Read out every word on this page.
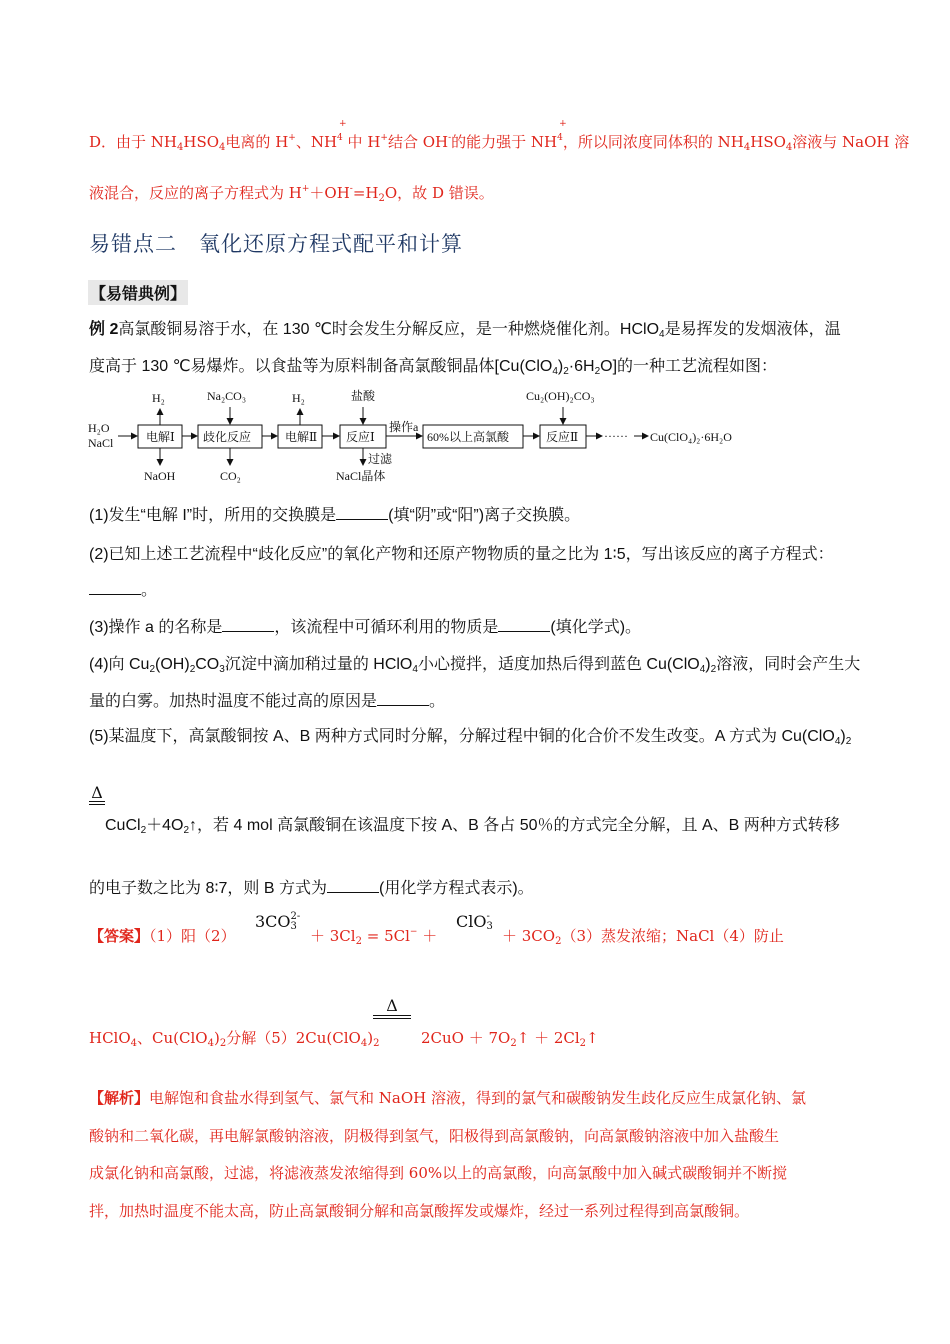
D．由于 $NH_4HSO_4$电离的 H+、NH
+
$^4$ 中 H+结合 OH-的能力强于 NH
+
$^4$，所以同浓度同体积的 $NH_4HSO_4$溶液与 NaOH 溶
液混合，反应的离子方程式为 $H^++OH^-=H_2O$，故 D 错误。
易错点二　氧化还原方程式配平和计算
【易错典例】
例 2高氯酸铜易溶于水，在 130 ℃时会发生分解反应，是一种燃烧催化剂。HClO$_4$是易挥发的发烟液体，温
度高于 130 ℃易爆炸。以食盐等为原料制备高氯酸铜晶体$[Cu(ClO_4)_2\cdot 6H_2O]$的一种工艺流程如图：
H₂O
NaCl	电解Ⅰ 歧化反应	电解Ⅱ 反应Ⅰ	60%以上高氯酸	反应Ⅱ
H₂	Na₂CO₃	H₂	盐酸	Cu₂(OH)₂CO₃
NaOH	CO₂
过滤
NaCl晶体
操作a
······ Cu(ClO₄)₂·6H₂O
(1)发生“电解 I”时，所用的交换膜是	(填“阴”或“阳”)离子交换膜。
(2)已知上述工艺流程中“歧化反应”的氧化产物和还原产物物质的量之比为 1∶5，写出该反应的离子方程式：
。
(3)操作 a 的名称是	，该流程中可循环利用的物质是	(填化学式)。
(4)向 $Cu_2(OH)_2CO_3$沉淀中滴加稍过量的 HClO$_4$小心搅拌，适度加热后得到蓝色 $Cu(ClO_4)_2$溶液，同时会产生大
量的白雾。加热时温度不能过高的原因是	。
(5)某温度下，高氯酸铜按 A、B 两种方式同时分解，分解过程中铜的化合价不发生改变。A 方式为 $Cu(ClO_4)_2$
Δ
$CuCl_2+4O_2↑$，若 4 mol 高氯酸铜在该温度下按 A、B 各占 50％的方式完全分解，且 A、B 两种方式转移
的电子数之比为 8∶7，则 B 方式为	(用化学方程式表示)。
【答案】（1）阳（2）
3CO 2-
3
＋ $3Cl_2 = 5Cl^-$ ＋
ClO -
3
＋ $3CO_2(3)$蒸发浓缩；NaCl（4）防止
Δ
HClO$_4$、$Cu(ClO_4)_2$分解$(5)2Cu(ClO_4)_2$	$2CuO + 7O_2↑$ ＋ $2Cl_2↑$
【解析】电解饱和食盐水得到氢气、氯气和 NaOH 溶液，得到的氯气和碳酸钠发生歧化反应生成氯化钠、氯
酸钠和二氧化碳，再电解氯酸钠溶液，阴极得到氢气，阳极得到高氯酸钠，向高氯酸钠溶液中加入盐酸生
成氯化钠和高氯酸，过滤，将滤液蒸发浓缩得到 60%以上的高氯酸，向高氯酸中加入碱式碳酸铜并不断搅
拌，加热时温度不能太高，防止高氯酸铜分解和高氯酸挥发或爆炸，经过一系列过程得到高氯酸铜。
